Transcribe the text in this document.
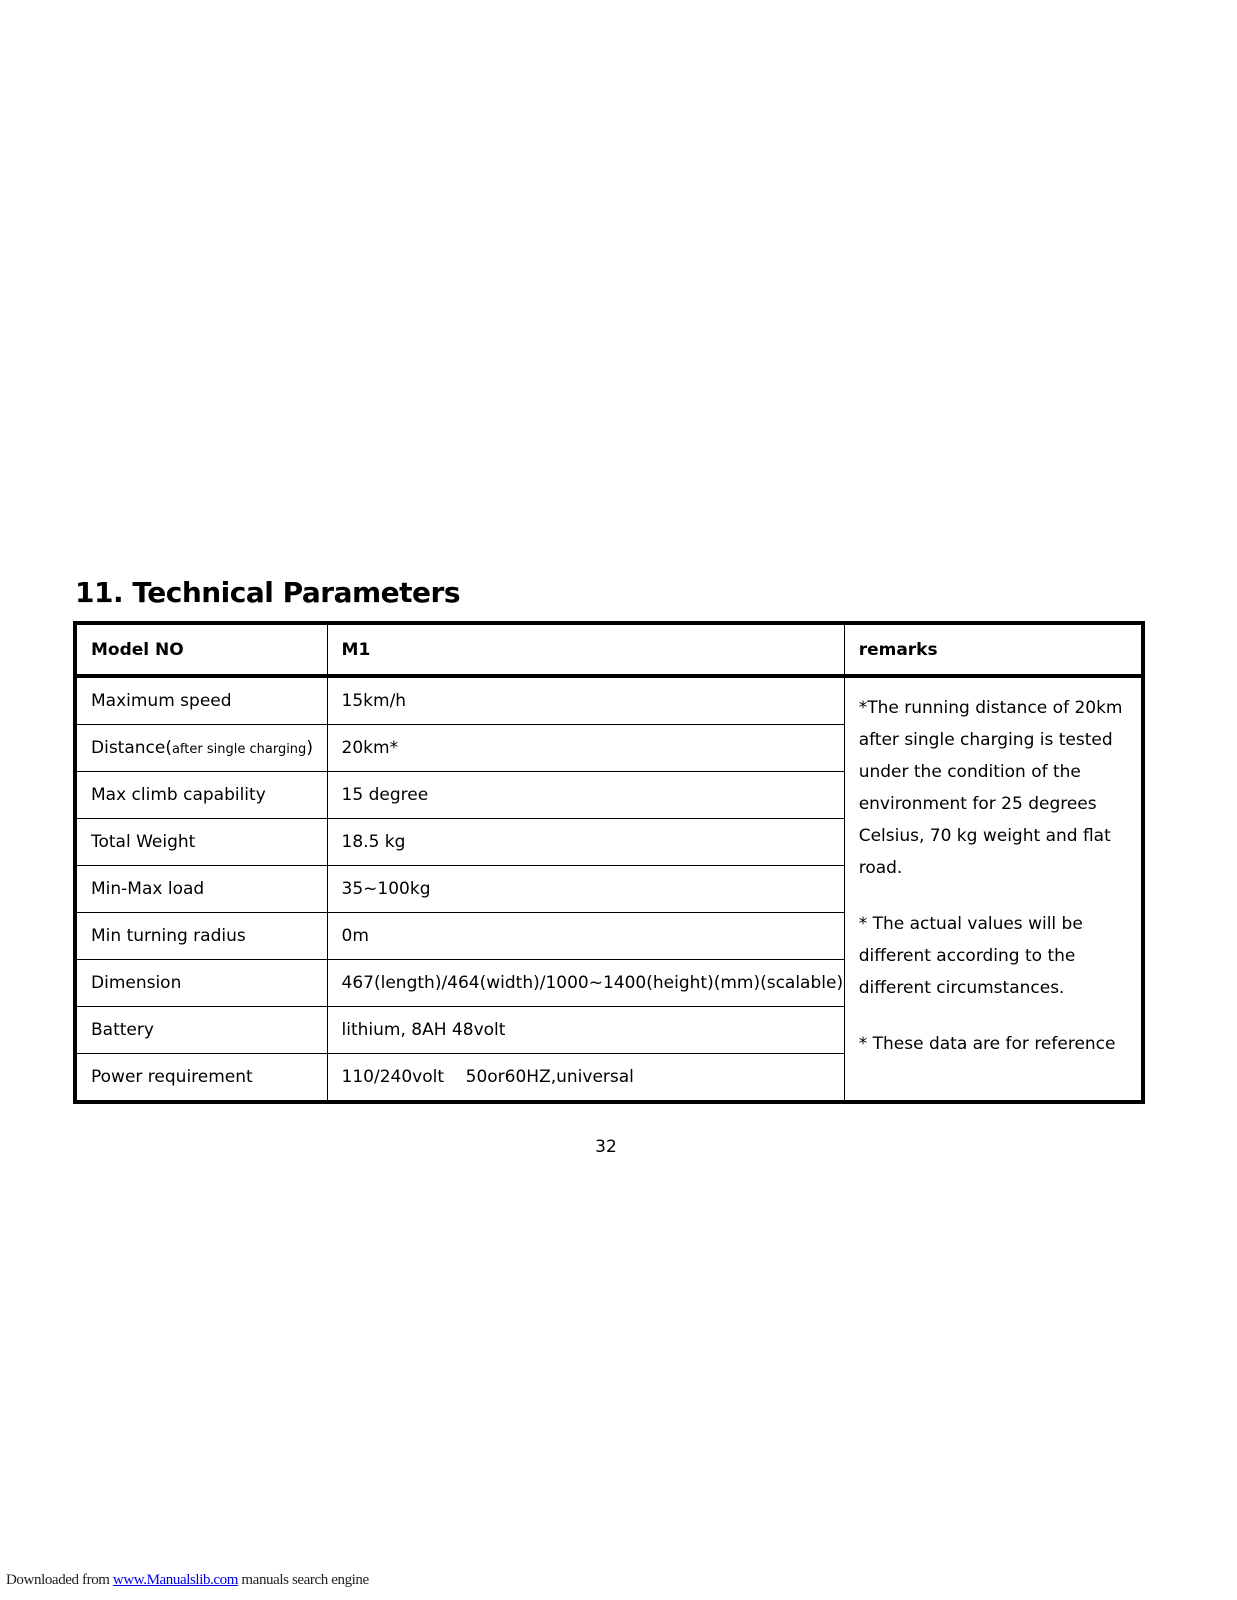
11. Technical Parameters
Model NO	M1	remarks
Maximum speed	15km/h	*The running distance of 20km after single charging is tested under the condition of the environment for 25 degrees Celsius, 70 kg weight and flat road.

* The actual values will be different according to the different circumstances.

* These data are for reference

Distance(after single charging)	20km*	
Max climb capability	15 degree	
Total Weight	18.5 kg	
Min-Max load	35~100kg	
Min turning radius	0m	
Dimension	467(length)/464(width)/1000~1400(height)(mm)(scalable)	
Battery	lithium, 8AH 48volt	
Power requirement	110/240volt    50or60HZ,universal	
32
Downloaded from www.Manualslib.com manuals search engine
